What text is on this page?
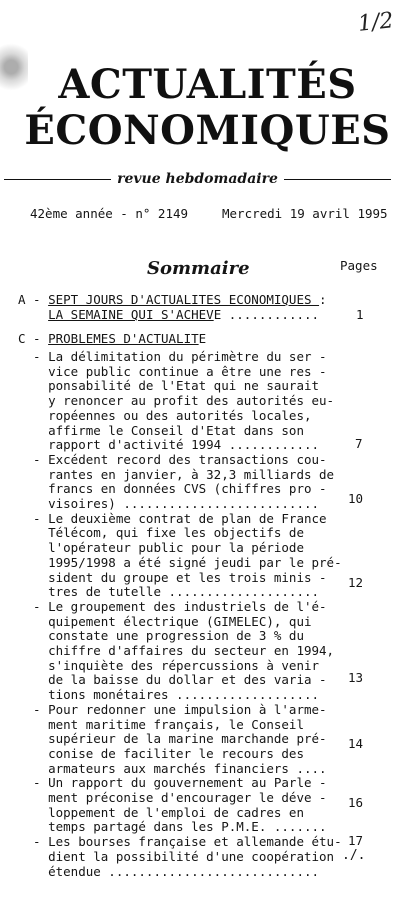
1/2
ACTUALITÉS
ÉCONOMIQUES
revue hebdomadaire
42ème année - n° 2149	Mercredi 19 avril 1995
Sommaire	Pages
A - SEPT JOURS D'ACTUALITES ECONOMIQUES :
LA SEMAINE QUI S'ACHEVE ............
C - PROBLEMES D'ACTUALITE
- La délimitation du périmètre du ser -
vice public continue a être une res -
ponsabilité de l'Etat qui ne saurait
y renoncer au profit des autorités eu-
ropéennes ou des autorités locales,
affirme le Conseil d'Etat dans son
rapport d'activité 1994 ............
- Excédent record des transactions cou-
rantes en janvier, à 32,3 milliards de
francs en données CVS (chiffres pro -
visoires) ..........................
- Le deuxième contrat de plan de France
Télécom, qui fixe les objectifs de
l'opérateur public pour la période
1995/1998 a été signé jeudi par le pré-
sident du groupe et les trois minis -
tres de tutelle ....................
- Le groupement des industriels de l'é-
quipement électrique (GIMELEC), qui
constate une progression de 3 % du
chiffre d'affaires du secteur en 1994,
s'inquiète des répercussions à venir
de la baisse du dollar et des varia -
tions monétaires ...................
- Pour redonner une impulsion à l'arme-
ment maritime français, le Conseil
supérieur de la marine marchande pré-
conise de faciliter le recours des
armateurs aux marchés financiers ....
- Un rapport du gouvernement au Parle -
ment préconise d'encourager le déve -
loppement de l'emploi de cadres en
temps partagé dans les P.M.E. .......
- Les bourses française et allemande étu-
dient la possibilité d'une coopération
étendue ............................
1
7
10
12
13
14
16
17
./.
